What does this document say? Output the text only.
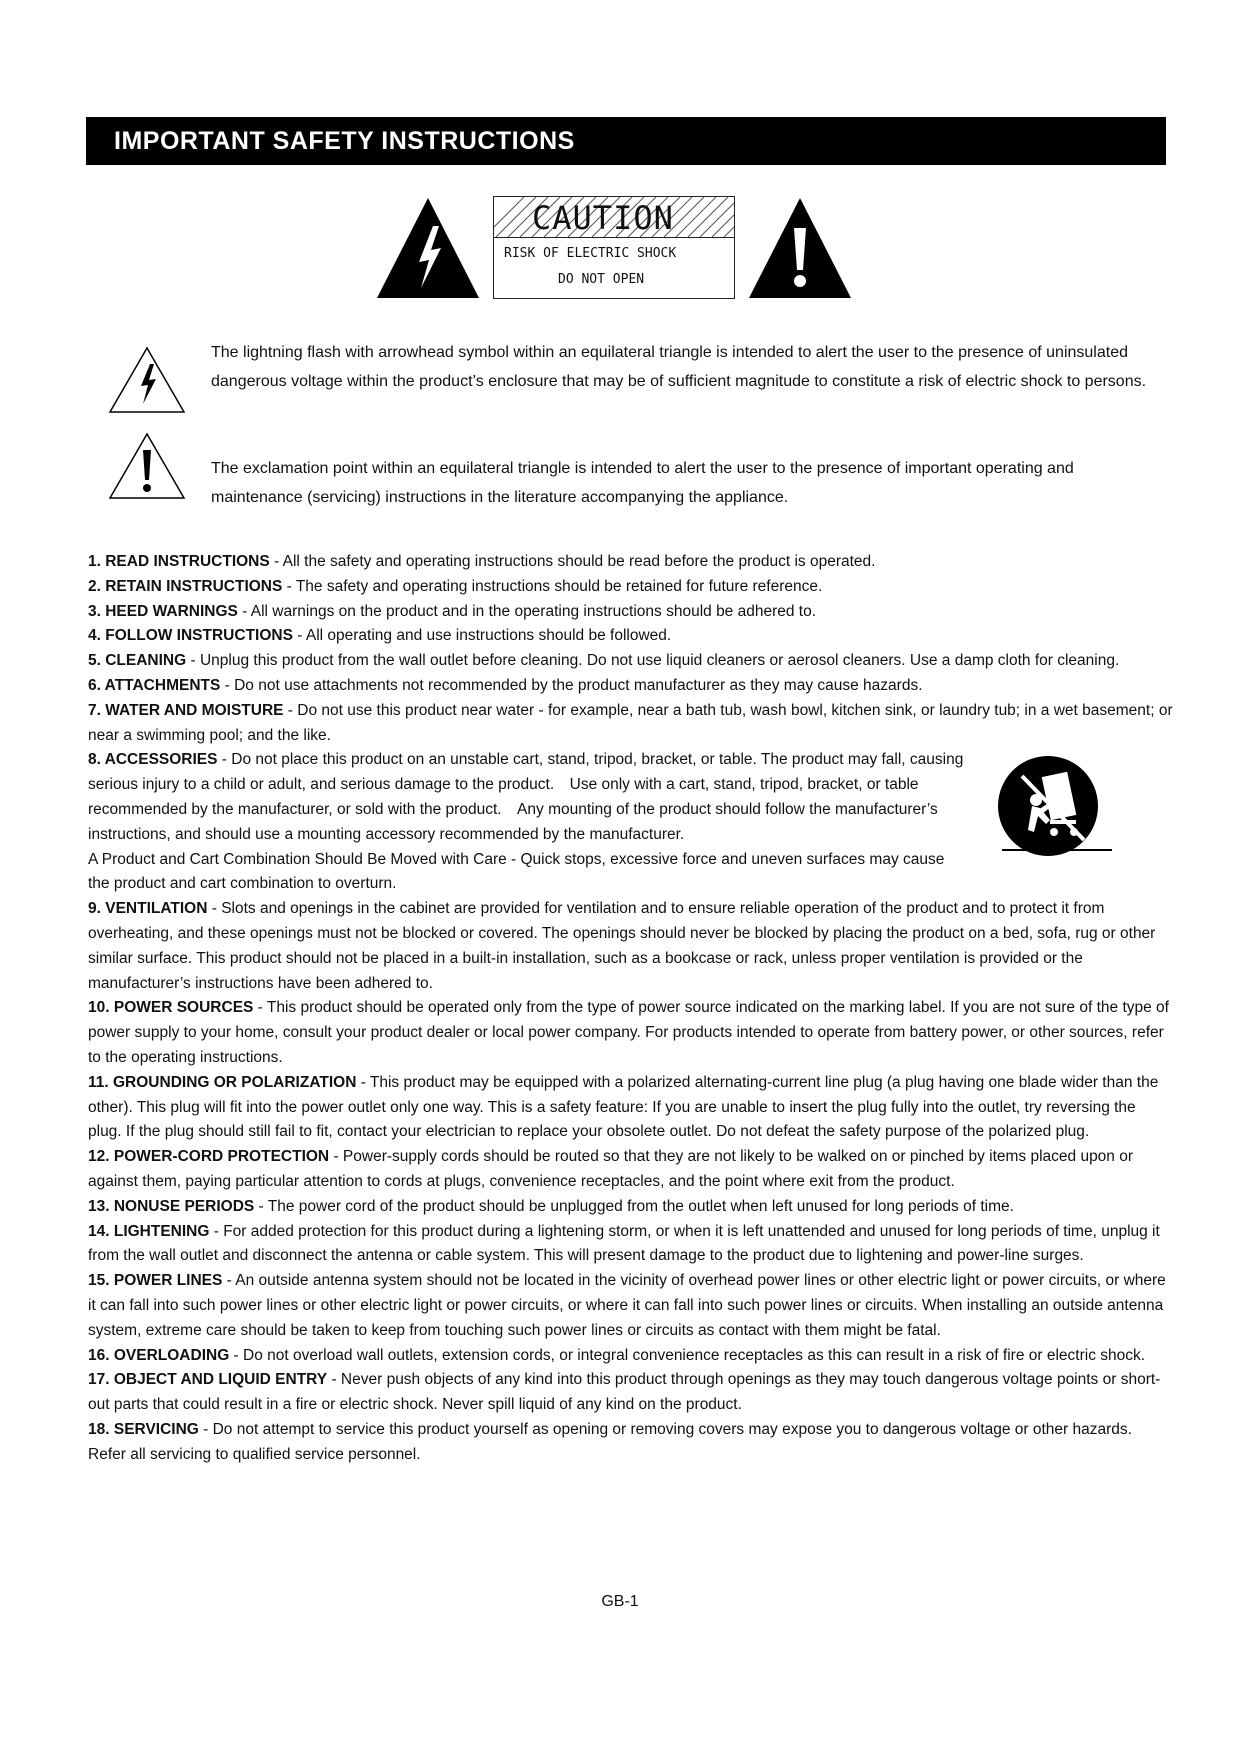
IMPORTANT SAFETY INSTRUCTIONS
CAUTION
RISK OF ELECTRIC SHOCK
DO NOT OPEN
The lightning flash with arrowhead symbol within an equilateral triangle is intended to alert the user to the presence of uninsulated dangerous voltage within the product’s enclosure that may be of sufficient magnitude to constitute a risk of electric shock to persons.
The exclamation point within an equilateral triangle is intended to alert the user to the presence of important operating and maintenance (servicing) instructions in the literature accompanying the appliance.

1. READ INSTRUCTIONS - All the safety and operating instructions should be read before the product is operated.

2. RETAIN INSTRUCTIONS - The safety and operating instructions should be retained for future reference.

3. HEED WARNINGS - All warnings on the product and in the operating instructions should be adhered to.

4. FOLLOW INSTRUCTIONS - All operating and use instructions should be followed.

5. CLEANING - Unplug this product from the wall outlet before cleaning. Do not use liquid cleaners or aerosol cleaners. Use a damp cloth for cleaning.

6. ATTACHMENTS - Do not use attachments not recommended by the product manufacturer as they may cause hazards.

7. WATER AND MOISTURE - Do not use this product near water - for example, near a bath tub, wash bowl, kitchen sink, or laundry tub; in a wet basement; or near a swimming pool; and the like.

8. ACCESSORIES - Do not place this product on an unstable cart, stand, tripod, bracket, or table. The product may fall, causing serious injury to a child or adult, and serious damage to the product.　Use only with a cart, stand, tripod, bracket, or table recommended by the manufacturer, or sold with the product.　Any mounting of the product should follow the manufacturer’s instructions, and should use a mounting accessory recommended by the manufacturer.

A Product and Cart Combination Should Be Moved with Care - Quick stops, excessive force and uneven surfaces may cause the product and cart combination to overturn.

9. VENTILATION - Slots and openings in the cabinet are provided for ventilation and to ensure reliable operation of the product and to protect it from overheating, and these openings must not be blocked or covered. The openings should never be blocked by placing the product on a bed, sofa, rug or other similar surface. This product should not be placed in a built-in installation, such as a bookcase or rack, unless proper ventilation is provided or the manufacturer’s instructions have been adhered to.

10. POWER SOURCES - This product should be operated only from the type of power source indicated on the marking label. If you are not sure of the type of power supply to your home, consult your product dealer or local power company. For products intended to operate from battery power, or other sources, refer to the operating instructions.

11. GROUNDING OR POLARIZATION - This product may be equipped with a polarized alternating-current line plug (a plug having one blade wider than the other). This plug will fit into the power outlet only one way. This is a safety feature: If you are unable to insert the plug fully into the outlet, try reversing the plug. If the plug should still fail to fit, contact your electrician to replace your obsolete outlet. Do not defeat the safety purpose of the polarized plug.

12. POWER-CORD PROTECTION - Power-supply cords should be routed so that they are not likely to be walked on or pinched by items placed upon or against them, paying particular attention to cords at plugs, convenience receptacles, and the point where exit from the product.

13. NONUSE PERIODS - The power cord of the product should be unplugged from the outlet when left unused for long periods of time.

14. LIGHTENING - For added protection for this product during a lightening storm, or when it is left unattended and unused for long periods of time, unplug it from the wall outlet and disconnect the antenna or cable system. This will present damage to the product due to lightening and power-line surges.

15. POWER LINES - An outside antenna system should not be located in the vicinity of overhead power lines or other electric light or power circuits, or where it can fall into such power lines or other electric light or power circuits, or where it can fall into such power lines or circuits. When installing an outside antenna system, extreme care should be taken to keep from touching such power lines or circuits as contact with them might be fatal.

16. OVERLOADING - Do not overload wall outlets, extension cords, or integral convenience receptacles as this can result in a risk of fire or electric shock.

17. OBJECT AND LIQUID ENTRY - Never push objects of any kind into this product through openings as they may touch dangerous voltage points or short-out parts that could result in a fire or electric shock. Never spill liquid of any kind on the product.

18. SERVICING - Do not attempt to service this product yourself as opening or removing covers may expose you to dangerous voltage or other hazards. Refer all servicing to qualified service personnel.

GB-1
